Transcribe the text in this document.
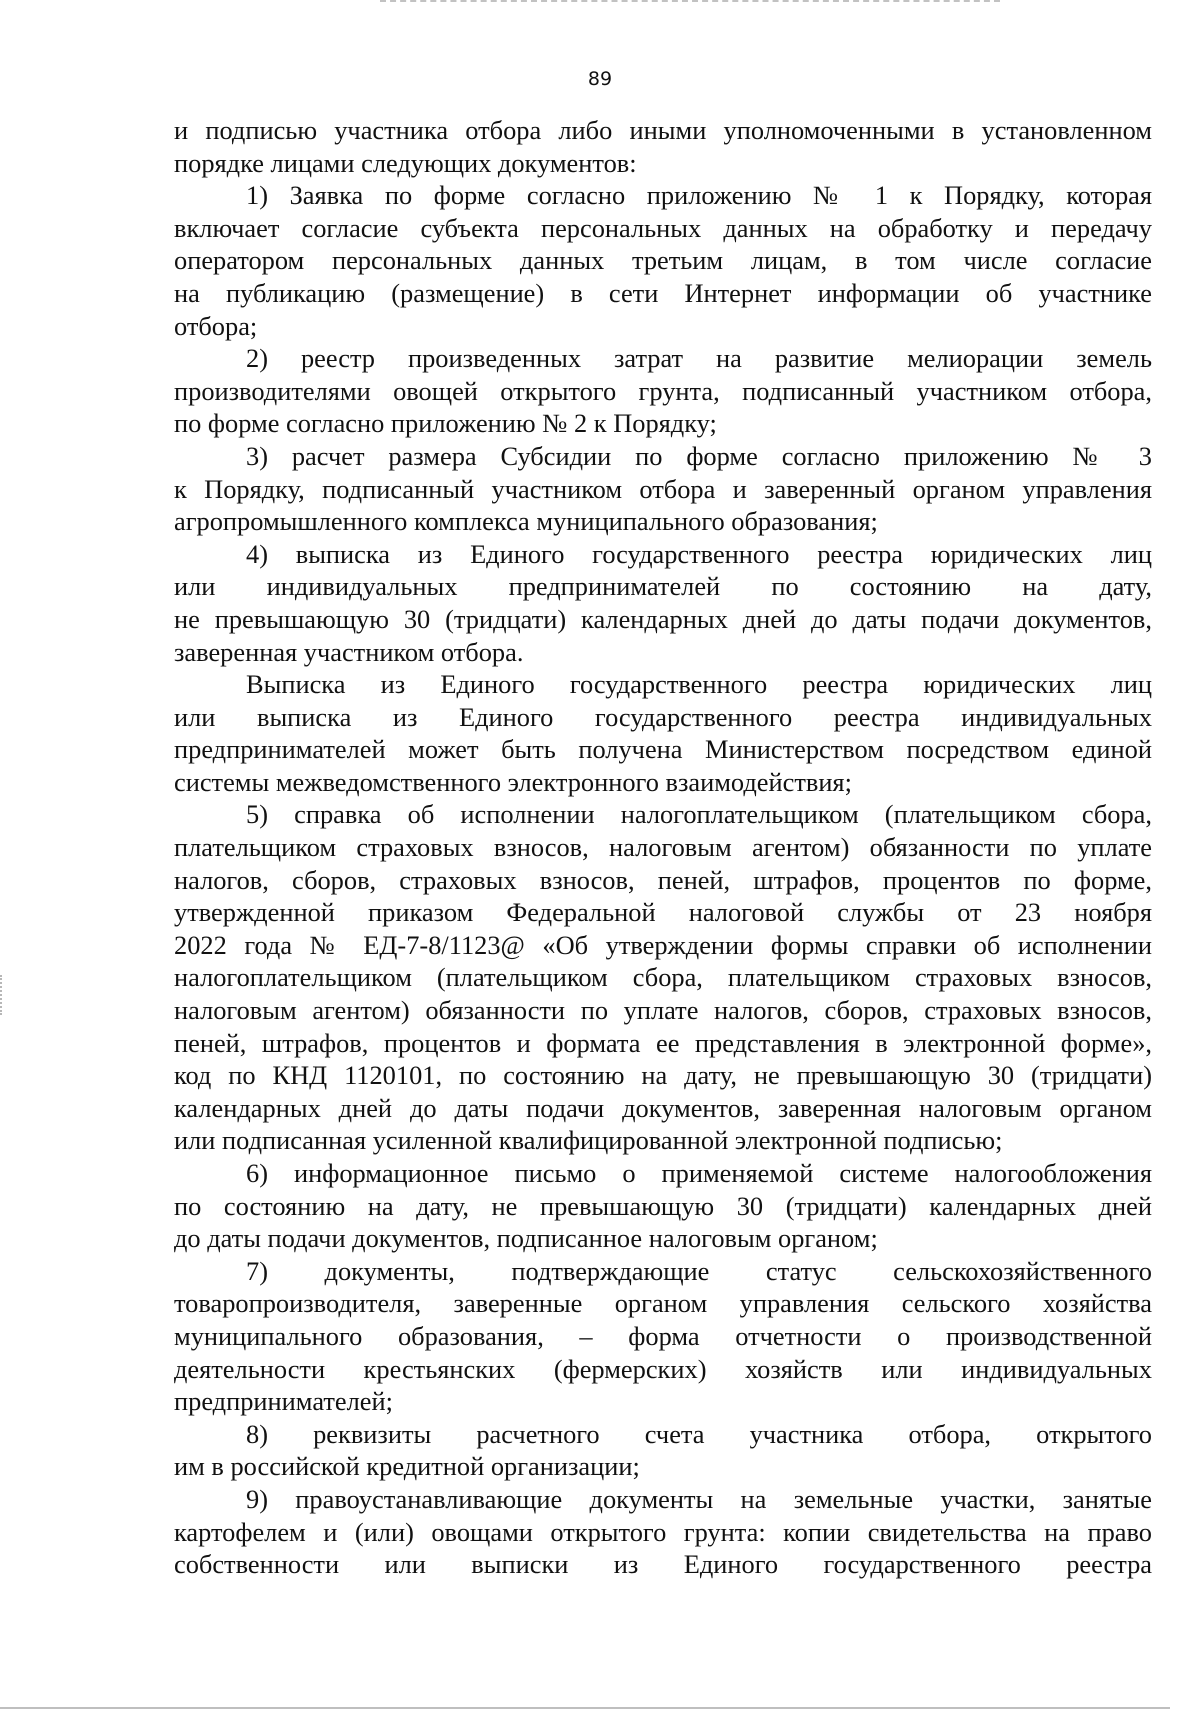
89
и подписью участника отбора либо иными уполномоченными в установленном
порядке лицами следующих документов:
1) Заявка по форме согласно приложению № 1 к Порядку, которая
включает согласие субъекта персональных данных на обработку и передачу
оператором персональных данных третьим лицам, в том числе согласие
на публикацию (размещение) в сети Интернет информации об участнике
отбора;
2) реестр произведенных затрат на развитие мелиорации земель
производителями овощей открытого грунта, подписанный участником отбора,
по форме согласно приложению № 2 к Порядку;
3) расчет размера Субсидии по форме согласно приложению № 3
к Порядку, подписанный участником отбора и заверенный органом управления
агропромышленного комплекса муниципального образования;
4) выписка из Единого государственного реестра юридических лиц
или индивидуальных предпринимателей по состоянию на дату,
не превышающую 30 (тридцати) календарных дней до даты подачи документов,
заверенная участником отбора.
Выписка из Единого государственного реестра юридических лиц
или выписка из Единого государственного реестра индивидуальных
предпринимателей может быть получена Министерством посредством единой
системы межведомственного электронного взаимодействия;
5) справка об исполнении налогоплательщиком (плательщиком сбора,
плательщиком страховых взносов, налоговым агентом) обязанности по уплате
налогов, сборов, страховых взносов, пеней, штрафов, процентов по форме,
утвержденной приказом Федеральной налоговой службы от 23 ноября
2022 года № ЕД-7-8/1123@ «Об утверждении формы справки об исполнении
налогоплательщиком (плательщиком сбора, плательщиком страховых взносов,
налоговым агентом) обязанности по уплате налогов, сборов, страховых взносов,
пеней, штрафов, процентов и формата ее представления в электронной форме»,
код по КНД 1120101, по состоянию на дату, не превышающую 30 (тридцати)
календарных дней до даты подачи документов, заверенная налоговым органом
или подписанная усиленной квалифицированной электронной подписью;
6) информационное письмо о применяемой системе налогообложения
по состоянию на дату, не превышающую 30 (тридцати) календарных дней
до даты подачи документов, подписанное налоговым органом;
7) документы, подтверждающие статус сельскохозяйственного
товаропроизводителя, заверенные органом управления сельского хозяйства
муниципального образования, – форма отчетности о производственной
деятельности крестьянских (фермерских) хозяйств или индивидуальных
предпринимателей;
8) реквизиты расчетного счета участника отбора, открытого
им в российской кредитной организации;
9) правоустанавливающие документы на земельные участки, занятые
картофелем и (или) овощами открытого грунта: копии свидетельства на право
собственности или выписки из Единого государственного реестра
